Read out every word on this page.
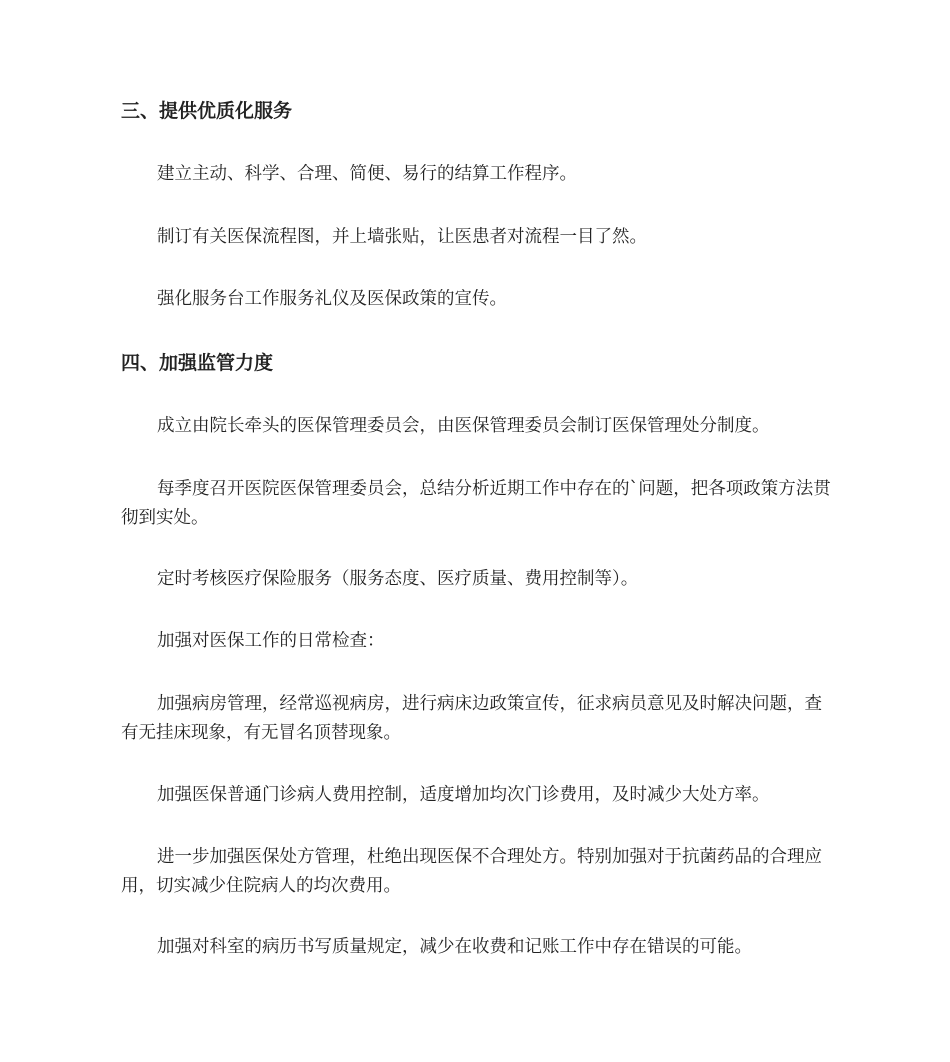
三、提供优质化服务

建立主动、科学、合理、简便、易行的结算工作程序。

制订有关医保流程图，并上墙张贴，让医患者对流程一目了然。

强化服务台工作服务礼仪及医保政策的宣传。

四、加强监管力度

成立由院长牵头的医保管理委员会，由医保管理委员会制订医保管理处分制度。

每季度召开医院医保管理委员会，总结分析近期工作中存在的`问题，把各项政策方法贯彻到实处。

定时考核医疗保险服务（服务态度、医疗质量、费用控制等）。

加强对医保工作的日常检查：

加强病房管理，经常巡视病房，进行病床边政策宣传，征求病员意见及时解决问题，查有无挂床现象，有无冒名顶替现象。

加强医保普通门诊病人费用控制，适度增加均次门诊费用，及时减少大处方率。

进一步加强医保处方管理，杜绝出现医保不合理处方。特别加强对于抗菌药品的合理应用，切实减少住院病人的均次费用。

加强对科室的病历书写质量规定，减少在收费和记账工作中存在错误的可能。
